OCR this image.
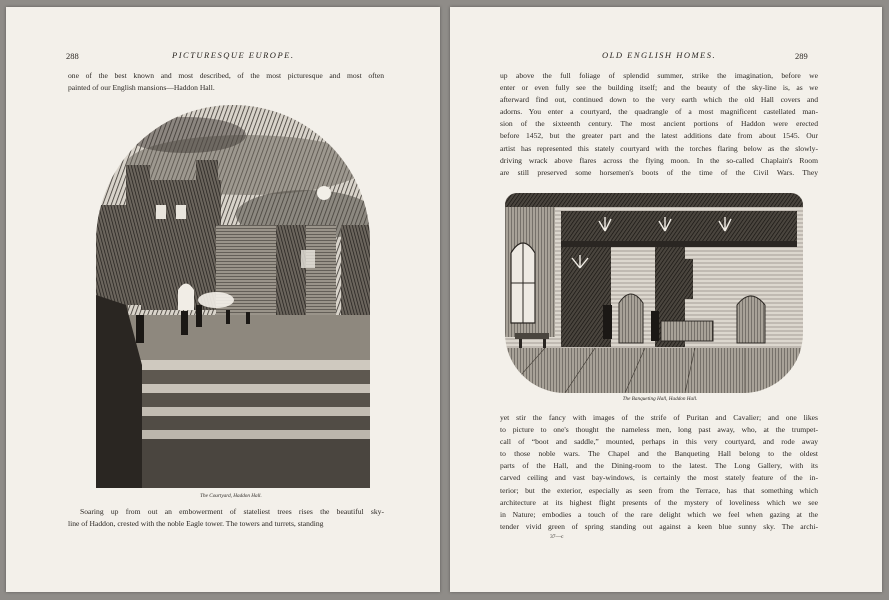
288	PICTURESQUE EUROPE.
one of the best known and most described, of the most picturesque and most often
painted of our English mansions—Haddon Hall.
The Courtyard, Haddon Hall.
Soaring up from out an embowerment of stateliest trees rises the beautiful sky-
line of Haddon, crested with the noble Eagle tower. The towers and turrets, standing
OLD ENGLISH HOMES.	289
up above the full foliage of splendid summer, strike the imagination, before we
enter or even fully see the building itself; and the beauty of the sky-line is, as we
afterward find out, continued down to the very earth which the old Hall covers and
adorns. You enter a courtyard, the quadrangle of a most magnificent castellated man-
sion of the sixteenth century. The most ancient portions of Haddon were erected
before 1452, but the greater part and the latest additions date from about 1545. Our
artist has represented this stately courtyard with the torches flaring below as the slowly-
driving wrack above flares across the flying moon. In the so-called Chaplain's Room
are still preserved some horsemen's boots of the time of the Civil Wars. They
The Banqueting Hall, Haddon Hall.
yet stir the fancy with images of the strife of Puritan and Cavalier; and one likes
to picture to one's thought the nameless men, long past away, who, at the trumpet-
call of “boot and saddle,” mounted, perhaps in this very courtyard, and rode away
to those noble wars. The Chapel and the Banqueting Hall belong to the oldest
parts of the Hall, and the Dining-room to the latest. The Long Gallery, with its
carved ceiling and vast bay-windows, is certainly the most stately feature of the in-
terior; but the exterior, especially as seen from the Terrace, has that something which
architecture at its highest flight presents of the mystery of loveliness which we see
in Nature; embodies a touch of the rare delight which we feel when gazing at the
tender vivid green of spring standing out against a keen blue sunny sky. The archi-
37—c
